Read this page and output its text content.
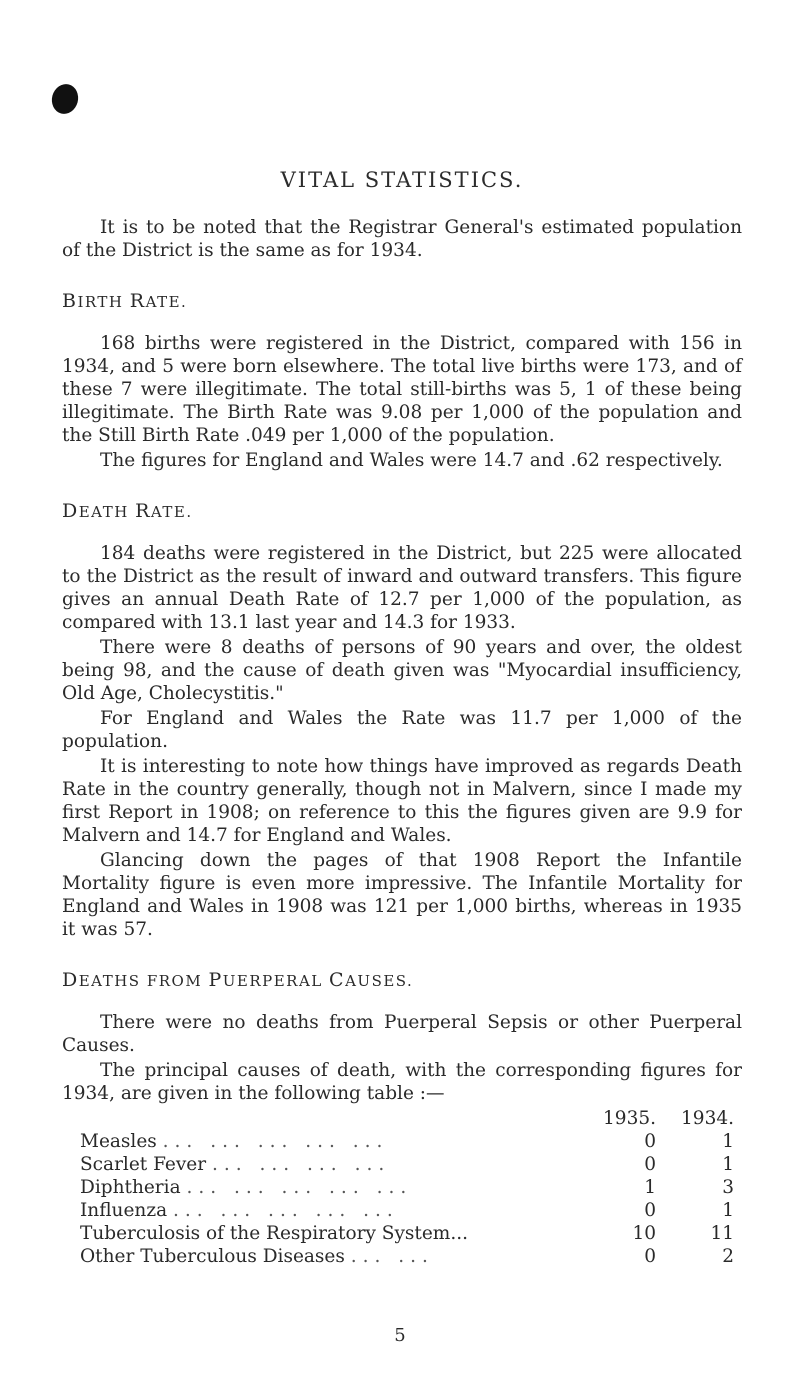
VITAL STATISTICS.

It is to be noted that the Registrar General's estimated population of the District is the same as for 1934.

BIRTH RATE.

168 births were registered in the District, compared with 156 in 1934, and 5 were born elsewhere. The total live births were 173, and of these 7 were illegitimate. The total still-births was 5, 1 of these being illegitimate. The Birth Rate was 9.08 per 1,000 of the population and the Still Birth Rate .049 per 1,000 of the population.

The figures for England and Wales were 14.7 and .62 respectively.

DEATH RATE.

184 deaths were registered in the District, but 225 were allocated to the District as the result of inward and outward transfers. This figure gives an annual Death Rate of 12.7 per 1,000 of the population, as compared with 13.1 last year and 14.3 for 1933.

There were 8 deaths of persons of 90 years and over, the oldest being 98, and the cause of death given was "Myocardial insufficiency, Old Age, Cholecystitis."

For England and Wales the Rate was 11.7 per 1,000 of the population.

It is interesting to note how things have improved as regards Death Rate in the country generally, though not in Malvern, since I made my first Report in 1908; on reference to this the figures given are 9.9 for Malvern and 14.7 for England and Wales.

Glancing down the pages of that 1908 Report the Infantile Mortality figure is even more impressive. The Infantile Mortality for England and Wales in 1908 was 121 per 1,000 births, whereas in 1935 it was 57.

DEATHS FROM PUERPERAL CAUSES.

There were no deaths from Puerperal Sepsis or other Puerperal Causes.

The principal causes of death, with the corresponding figures for 1934, are given in the following table :—

	1935.	1934.
Measles ... ... ... ... ...	0	1
Scarlet Fever ... ... ... ...	0	1
Diphtheria ... ... ... ... ...	1	3
Influenza ... ... ... ... ...	0	1
Tuberculosis of the Respiratory System...	10	11
Other Tuberculous Diseases ... ...	0	2
5
